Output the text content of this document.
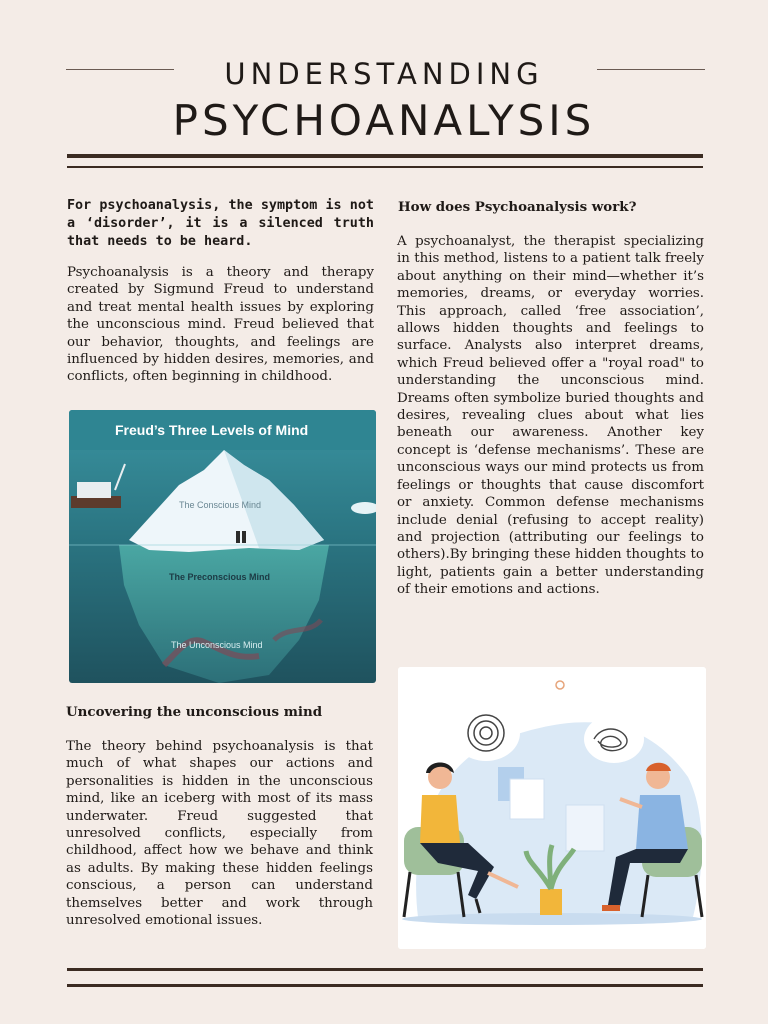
UNDERSTANDING
PSYCHOANALYSIS
For psychoanalysis, the symptom is not a ‘disorder’, it is a silenced truth that needs to be heard.
Psychoanalysis is a theory and therapy created by Sigmund Freud to understand and treat mental health issues by exploring the unconscious mind. Freud believed that our behavior, thoughts, and feelings are influenced by hidden desires, memories, and conflicts, often beginning in childhood.
Freud’s Three Levels of Mind
The Conscious Mind
The Preconscious Mind
The Unconscious Mind
Uncovering the unconscious mind
The theory behind psychoanalysis is that much of what shapes our actions and personalities is hidden in the unconscious mind, like an iceberg with most of its mass underwater. Freud suggested that unresolved conflicts, especially from childhood, affect how we behave and think as adults. By making these hidden feelings conscious, a person can understand themselves better and work through unresolved emotional issues.
How does Psychoanalysis work?
A psychoanalyst, the therapist specializing in this method, listens to a patient talk freely about anything on their mind—whether it’s memories, dreams, or everyday worries. This approach, called ‘free association’, allows hidden thoughts and feelings to surface. Analysts also interpret dreams, which Freud believed offer a "royal road" to understanding the unconscious mind. Dreams often symbolize buried thoughts and desires, revealing clues about what lies beneath our awareness. Another key concept is ‘defense mechanisms’. These are unconscious ways our mind protects us from feelings or thoughts that cause discomfort or anxiety. Common defense mechanisms include denial (refusing to accept reality) and projection (attributing our feelings to others).By bringing these hidden thoughts to light, patients gain a better understanding of their emotions and actions.
